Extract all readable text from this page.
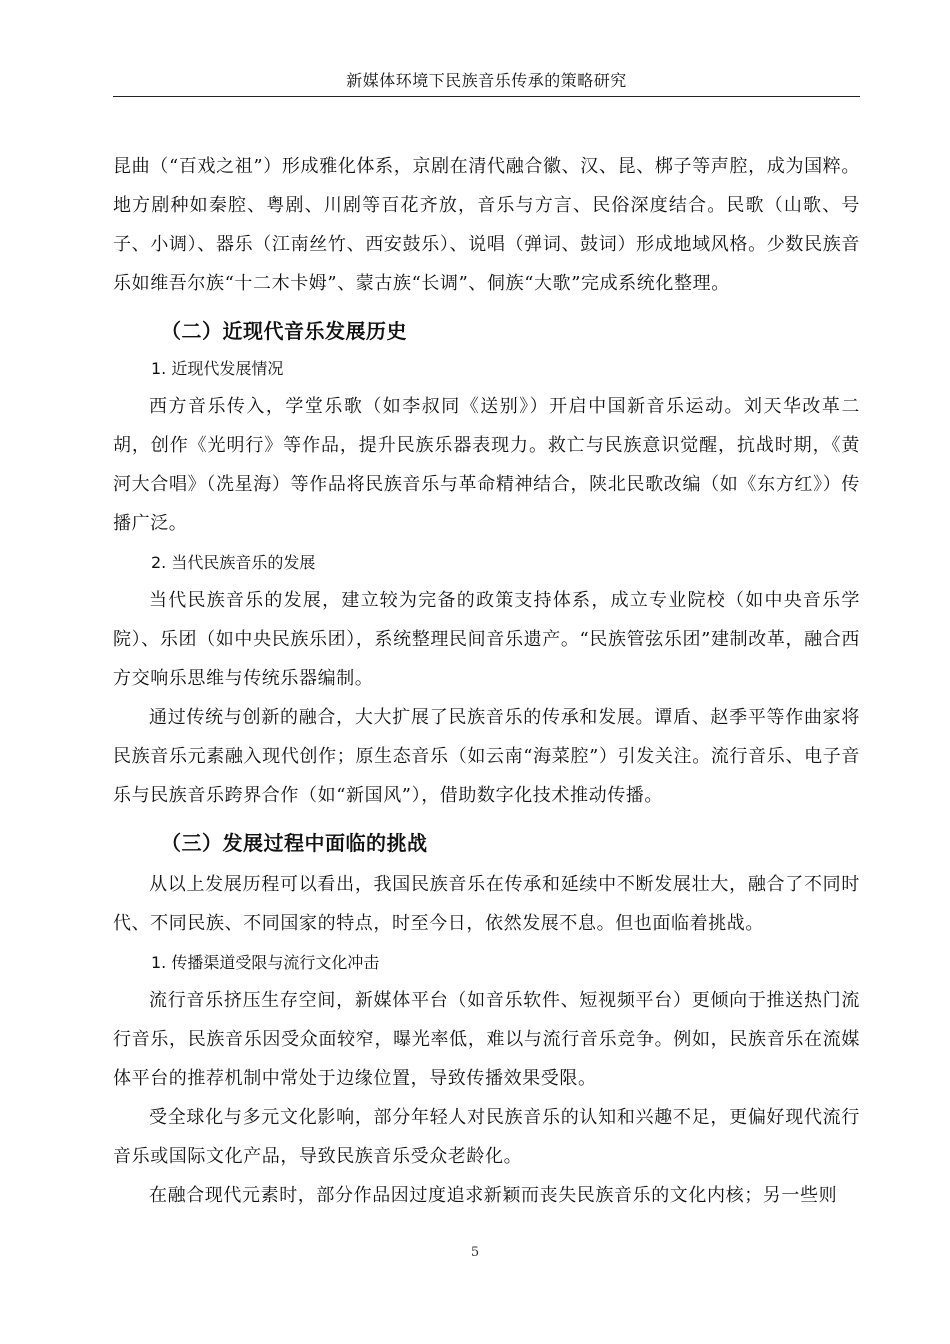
新媒体环境下民族音乐传承的策略研究

昆曲（“百戏之祖”）形成雅化体系，京剧在清代融合徽、汉、昆、梆子等声腔，成为国粹。地方剧种如秦腔、粤剧、川剧等百花齐放，音乐与方言、民俗深度结合。民歌（山歌、号子、小调）、器乐（江南丝竹、西安鼓乐）、说唱（弹词、鼓词）形成地域风格。少数民族音乐如维吾尔族“十二木卡姆”、蒙古族“长调”、侗族“大歌”完成系统化整理。

（二）近现代音乐发展历史
1. 近现代发展情况

西方音乐传入，学堂乐歌（如李叔同《送别》）开启中国新音乐运动。刘天华改革二胡，创作《光明行》等作品，提升民族乐器表现力。救亡与民族意识觉醒，抗战时期，《黄河大合唱》（冼星海）等作品将民族音乐与革命精神结合，陕北民歌改编（如《东方红》）传播广泛。

2. 当代民族音乐的发展

当代民族音乐的发展，建立较为完备的政策支持体系，成立专业院校（如中央音乐学院）、乐团（如中央民族乐团），系统整理民间音乐遗产。“民族管弦乐团”建制改革，融合西方交响乐思维与传统乐器编制。

通过传统与创新的融合，大大扩展了民族音乐的传承和发展。谭盾、赵季平等作曲家将民族音乐元素融入现代创作；原生态音乐（如云南“海菜腔”）引发关注。流行音乐、电子音乐与民族音乐跨界合作（如“新国风”），借助数字化技术推动传播。

（三）发展过程中面临的挑战

从以上发展历程可以看出，我国民族音乐在传承和延续中不断发展壮大，融合了不同时代、不同民族、不同国家的特点，时至今日，依然发展不息。但也面临着挑战。

1. 传播渠道受限与流行文化冲击

流行音乐挤压生存空间，新媒体平台（如音乐软件、短视频平台）更倾向于推送热门流行音乐，民族音乐因受众面较窄，曝光率低，难以与流行音乐竞争。例如，民族音乐在流媒体平台的推荐机制中常处于边缘位置，导致传播效果受限。

受全球化与多元文化影响，部分年轻人对民族音乐的认知和兴趣不足，更偏好现代流行音乐或国际文化产品，导致民族音乐受众老龄化。

在融合现代元素时，部分作品因过度追求新颖而丧失民族音乐的文化内核；另一些则

5
